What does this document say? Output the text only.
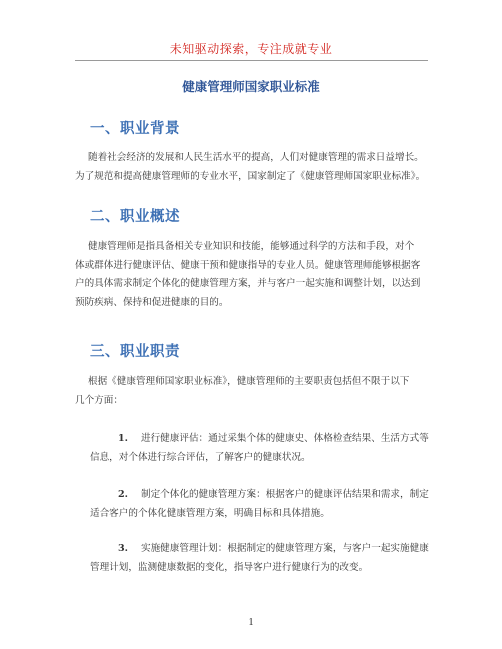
未知驱动探索，专注成就专业
健康管理师国家职业标准
一、职业背景

随着社会经济的发展和人民生活水平的提高，人们对健康管理的需求日益增长。
为了规范和提高健康管理师的专业水平，国家制定了《健康管理师国家职业标准》。

二、职业概述

健康管理师是指具备相关专业知识和技能，能够通过科学的方法和手段，对个
体或群体进行健康评估、健康干预和健康指导的专业人员。健康管理师能够根据客
户的具体需求制定个体化的健康管理方案，并与客户一起实施和调整计划，以达到
预防疾病、保持和促进健康的目的。

三、职业职责

根据《健康管理师国家职业标准》，健康管理师的主要职责包括但不限于以下
几个方面：

1. 进行健康评估：通过采集个体的健康史、体格检查结果、生活方式等
信息，对个体进行综合评估，了解客户的健康状况。
2. 制定个体化的健康管理方案：根据客户的健康评估结果和需求，制定
适合客户的个体化健康管理方案，明确目标和具体措施。
3. 实施健康管理计划：根据制定的健康管理方案，与客户一起实施健康
管理计划，监测健康数据的变化，指导客户进行健康行为的改变。
1
